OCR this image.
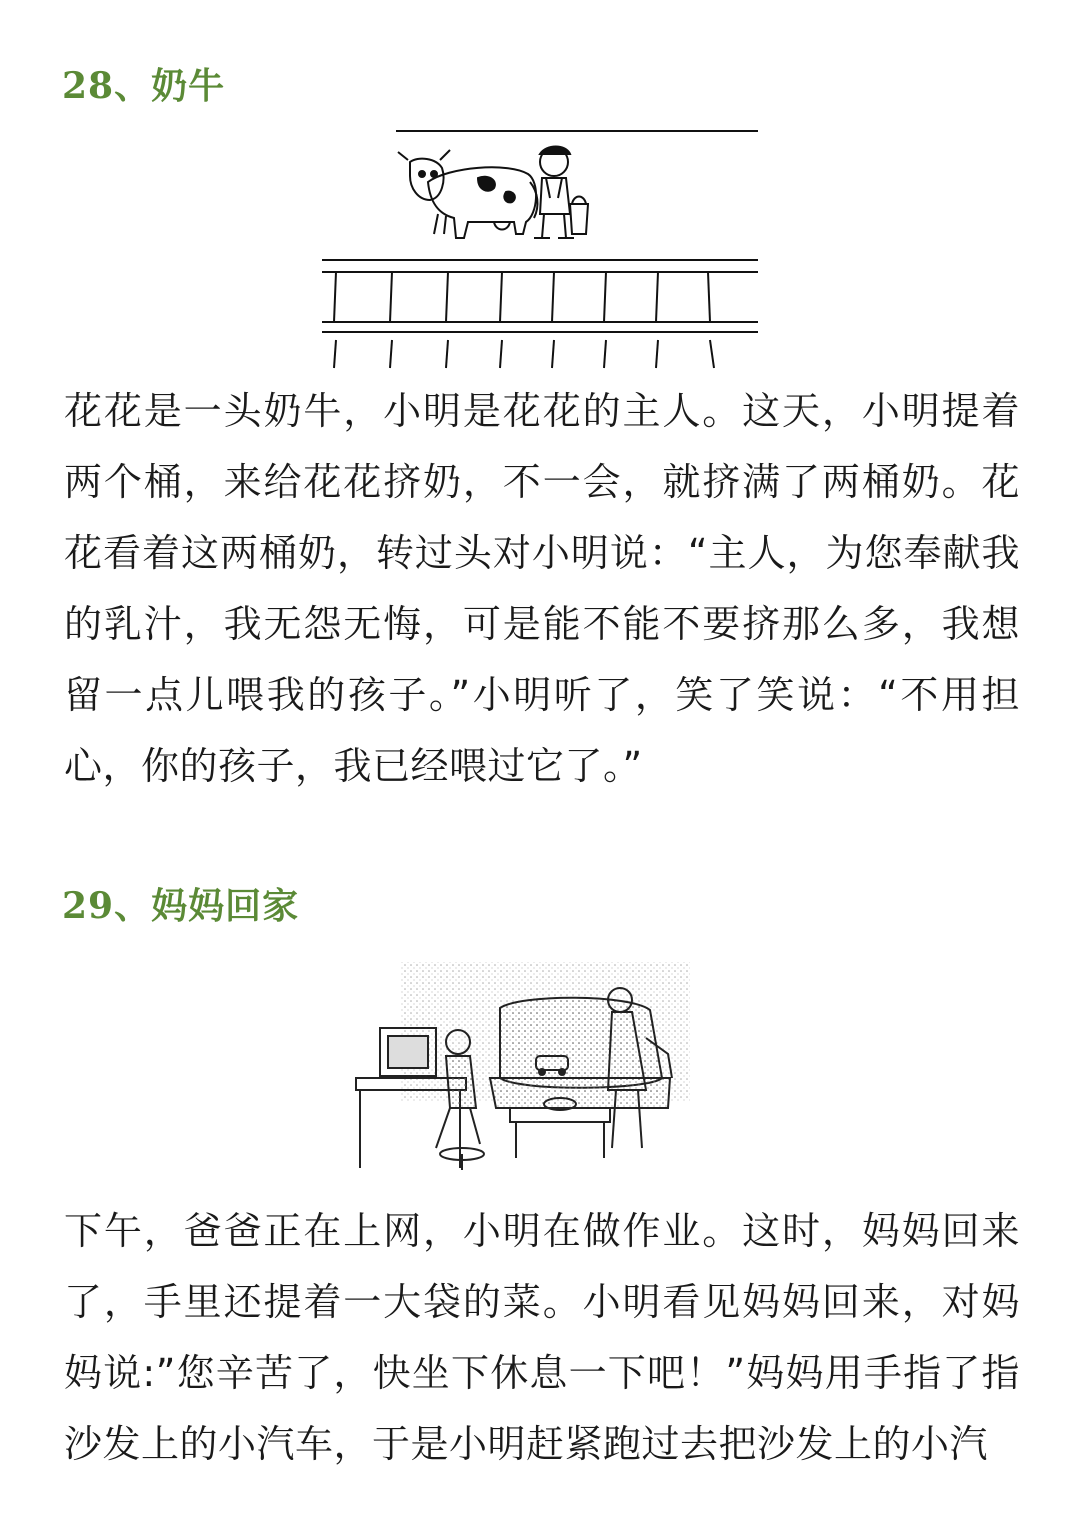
28、奶牛

花花是一头奶牛，小明是花花的主人。这天，小明提着两个桶，来给花花挤奶，不一会，就挤满了两桶奶。花花看着这两桶奶，转过头对小明说：“主人，为您奉献我的乳汁，我无怨无悔，可是能不能不要挤那么多，我想留一点儿喂我的孩子。”小明听了，笑了笑说：“不用担心，你的孩子，我已经喂过它了。”

29、妈妈回家

下午，爸爸正在上网，小明在做作业。这时，妈妈回来了，手里还提着一大袋的菜。小明看见妈妈回来，对妈妈说:”您辛苦了，快坐下休息一下吧！”妈妈用手指了指沙发上的小汽车，于是小明赶紧跑过去把沙发上的小汽
